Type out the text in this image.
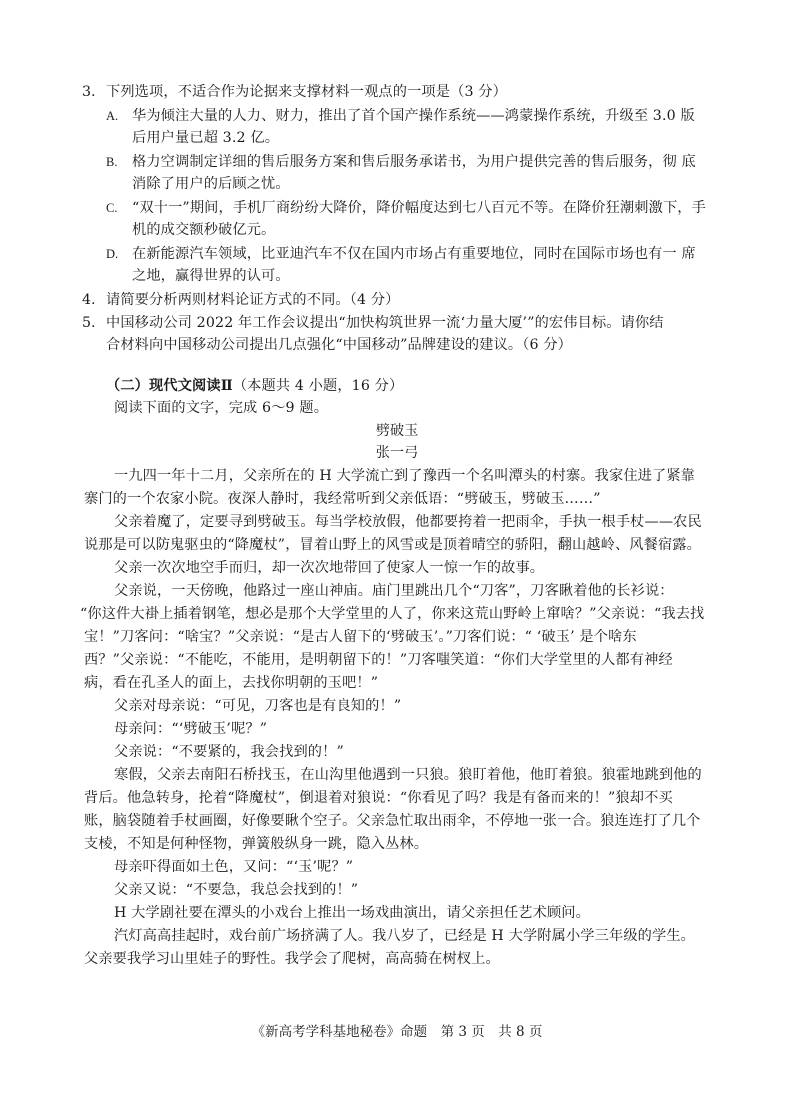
3. 下列选项，不适合作为论据来支撑材料一观点的一项是（3 分）
A. 华为倾注大量的人力、财力，推出了首个国产操作系统——鸿蒙操作系统，升级至 3.0 版
后用户量已超 3.2 亿。
B. 格力空调制定详细的售后服务方案和售后服务承诺书，为用户提供完善的售后服务，彻 底
消除了用户的后顾之忧。
C. “双十一”期间，手机厂商纷纷大降价，降价幅度达到七八百元不等。在降价狂潮刺激下，手
机的成交额秒破亿元。
D. 在新能源汽车领域，比亚迪汽车不仅在国内市场占有重要地位，同时在国际市场也有一 席
之地，赢得世界的认可。
4. 请简要分析两则材料论证方式的不同。（4 分）
5. 中国移动公司 2022 年工作会议提出“加快构筑世界一流‘力量大厦’”的宏伟目标。请你结
合材料向中国移动公司提出几点强化“中国移动”品牌建设的建议。（6 分）
（二）现代文阅读Ⅱ（本题共 4 小题，16 分）
阅读下面的文字，完成 6～9 题。
劈破玉
张一弓
一九四一年十二月，父亲所在的 H 大学流亡到了豫西一个名叫潭头的村寨。我家住进了紧靠
寨门的一个农家小院。夜深人静时，我经常听到父亲低语：“劈破玉，劈破玉……”
父亲着魔了，定要寻到劈破玉。每当学校放假，他都要挎着一把雨伞，手执一根手杖——农民
说那是可以防鬼驱虫的“降魔杖”，冒着山野上的风雪或是顶着晴空的骄阳，翻山越岭、风餐宿露。
父亲一次次地空手而归，却一次次地带回了使家人一惊一乍的故事。
父亲说，一天傍晚，他路过一座山神庙。庙门里跳出几个“刀客”，刀客瞅着他的长衫说：
“你这件大褂上插着钢笔，想必是那个大学堂里的人了，你来这荒山野岭上窜啥？”父亲说：“我去找
宝！”刀客问：“啥宝？”父亲说：“是古人留下的‘劈破玉’。”刀客们说：“ ‘破玉’ 是个啥东
西？”父亲说：“不能吃，不能用，是明朝留下的！”刀客嗤笑道：“你们大学堂里的人都有神经
病，看在孔圣人的面上，去找你明朝的玉吧！”
父亲对母亲说：“可见，刀客也是有良知的！”
母亲问：“‘劈破玉’呢？”
父亲说：“不要紧的，我会找到的！”
寒假，父亲去南阳石桥找玉，在山沟里他遇到一只狼。狼盯着他，他盯着狼。狼霍地跳到他的
背后。他急转身，抡着“降魔杖”，倒退着对狼说：“你看见了吗？我是有备而来的！”狼却不买
账，脑袋随着手杖画圈，好像要瞅个空子。父亲急忙取出雨伞，不停地一张一合。狼连连打了几个
支棱，不知是何种怪物，弹簧般纵身一跳，隐入丛林。
母亲吓得面如土色，又问：“‘玉’呢？”
父亲又说：“不要急，我总会找到的！”
H 大学剧社要在潭头的小戏台上推出一场戏曲演出，请父亲担任艺术顾问。
汽灯高高挂起时，戏台前广场挤满了人。我八岁了，已经是 H 大学附属小学三年级的学生。
父亲要我学习山里娃子的野性。我学会了爬树，高高骑在树杈上。
《新高考学科基地秘卷》命题　第 3 页　共 8 页
